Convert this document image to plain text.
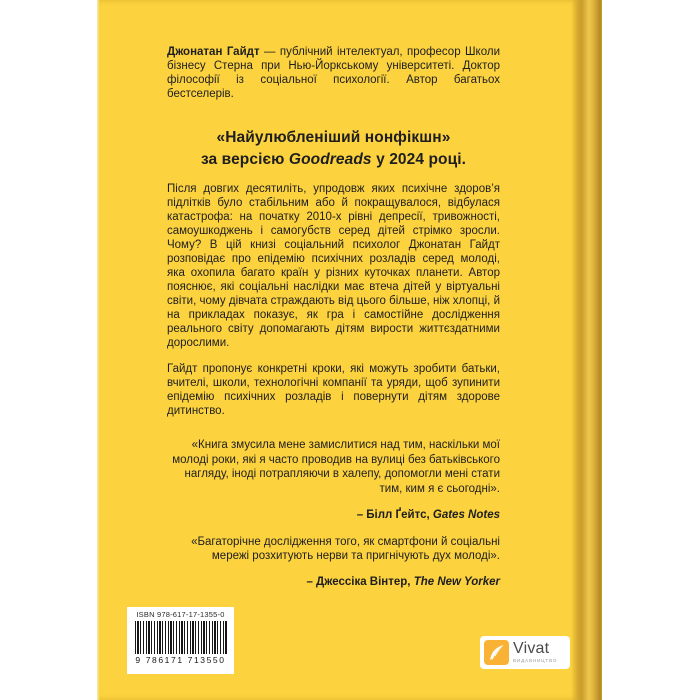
Джонатан Гайдт — публічний інтелектуал, професор Школи бізнесу Стерна при Нью-Йоркському університеті. Доктор філософії із соціальної психології. Автор багатьох бестселерів.

«Найулюбленіший нонфікшн»
за версією Goodreads у 2024 році.

Після довгих десятиліть, упродовж яких психічне здоров’я підлітків було стабільним або й покращувалося, відбулася катастрофа: на початку 2010-х рівні депресії, тривожності, самоушкоджень і самогубств серед дітей стрімко зросли. Чому? В цій книзі соціальний психолог Джонатан Гайдт розповідає про епідемію психічних розладів серед молоді, яка охопила багато країн у різних куточках планети. Автор пояснює, які соціальні наслідки має втеча дітей у віртуальні світи, чому дівчата страждають від цього більше, ніж хлопці, й на прикладах показує, як гра і самостійне дослідження реального світу допомагають дітям вирости життєздатними дорослими.

Гайдт пропонує конкретні кроки, які можуть зробити батьки, вчителі, школи, технологічні компанії та уряди, щоб зупинити епідемію психічних розладів і повернути дітям здорове дитинство.

«Книга змусила мене замислитися над тим, наскільки мої молоді роки, які я часто проводив на вулиці без батьківського нагляду, іноді потрапляючи в халепу, допомогли мені стати тим, ким я є сьогодні».

– Білл Ґейтс, Gates Notes

«Багаторічне дослідження того, як смартфони й соціальні мережі розхитують нерви та пригнічують дух молоді».

– Джессіка Вінтер, The New Yorker

ISBN 978-617-17-1355-0
9 786171 713550
Vivat
ВИДАВНИЦТВО
